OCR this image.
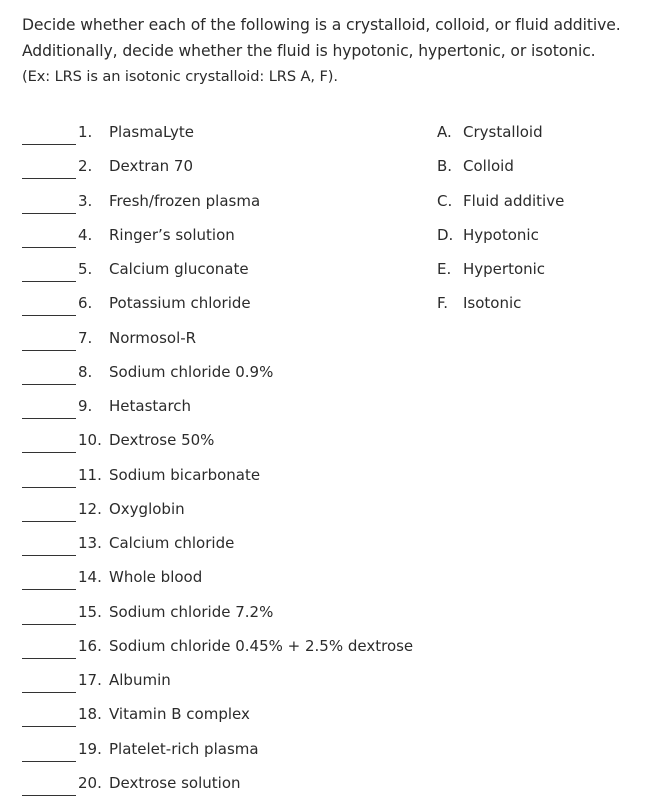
Decide whether each of the following is a crystalloid, colloid, or fluid additive.
Additionally, decide whether the fluid is hypotonic, hypertonic, or isotonic.
(Ex: LRS is an isotonic crystalloid: LRS A, F).
1. PlasmaLyte
2. Dextran 70
3. Fresh/frozen plasma
4. Ringer’s solution
5. Calcium gluconate
6. Potassium chloride
7. Normosol-R
8. Sodium chloride 0.9%
9. Hetastarch
10. Dextrose 50%
11. Sodium bicarbonate
12. Oxyglobin
13. Calcium chloride
14. Whole blood
15. Sodium chloride 7.2%
16. Sodium chloride 0.45% + 2.5% dextrose
17. Albumin
18. Vitamin B complex
19. Platelet-rich plasma
20. Dextrose solution
A. Crystalloid
B. Colloid
C. Fluid additive
D. Hypotonic
E. Hypertonic
F. Isotonic
